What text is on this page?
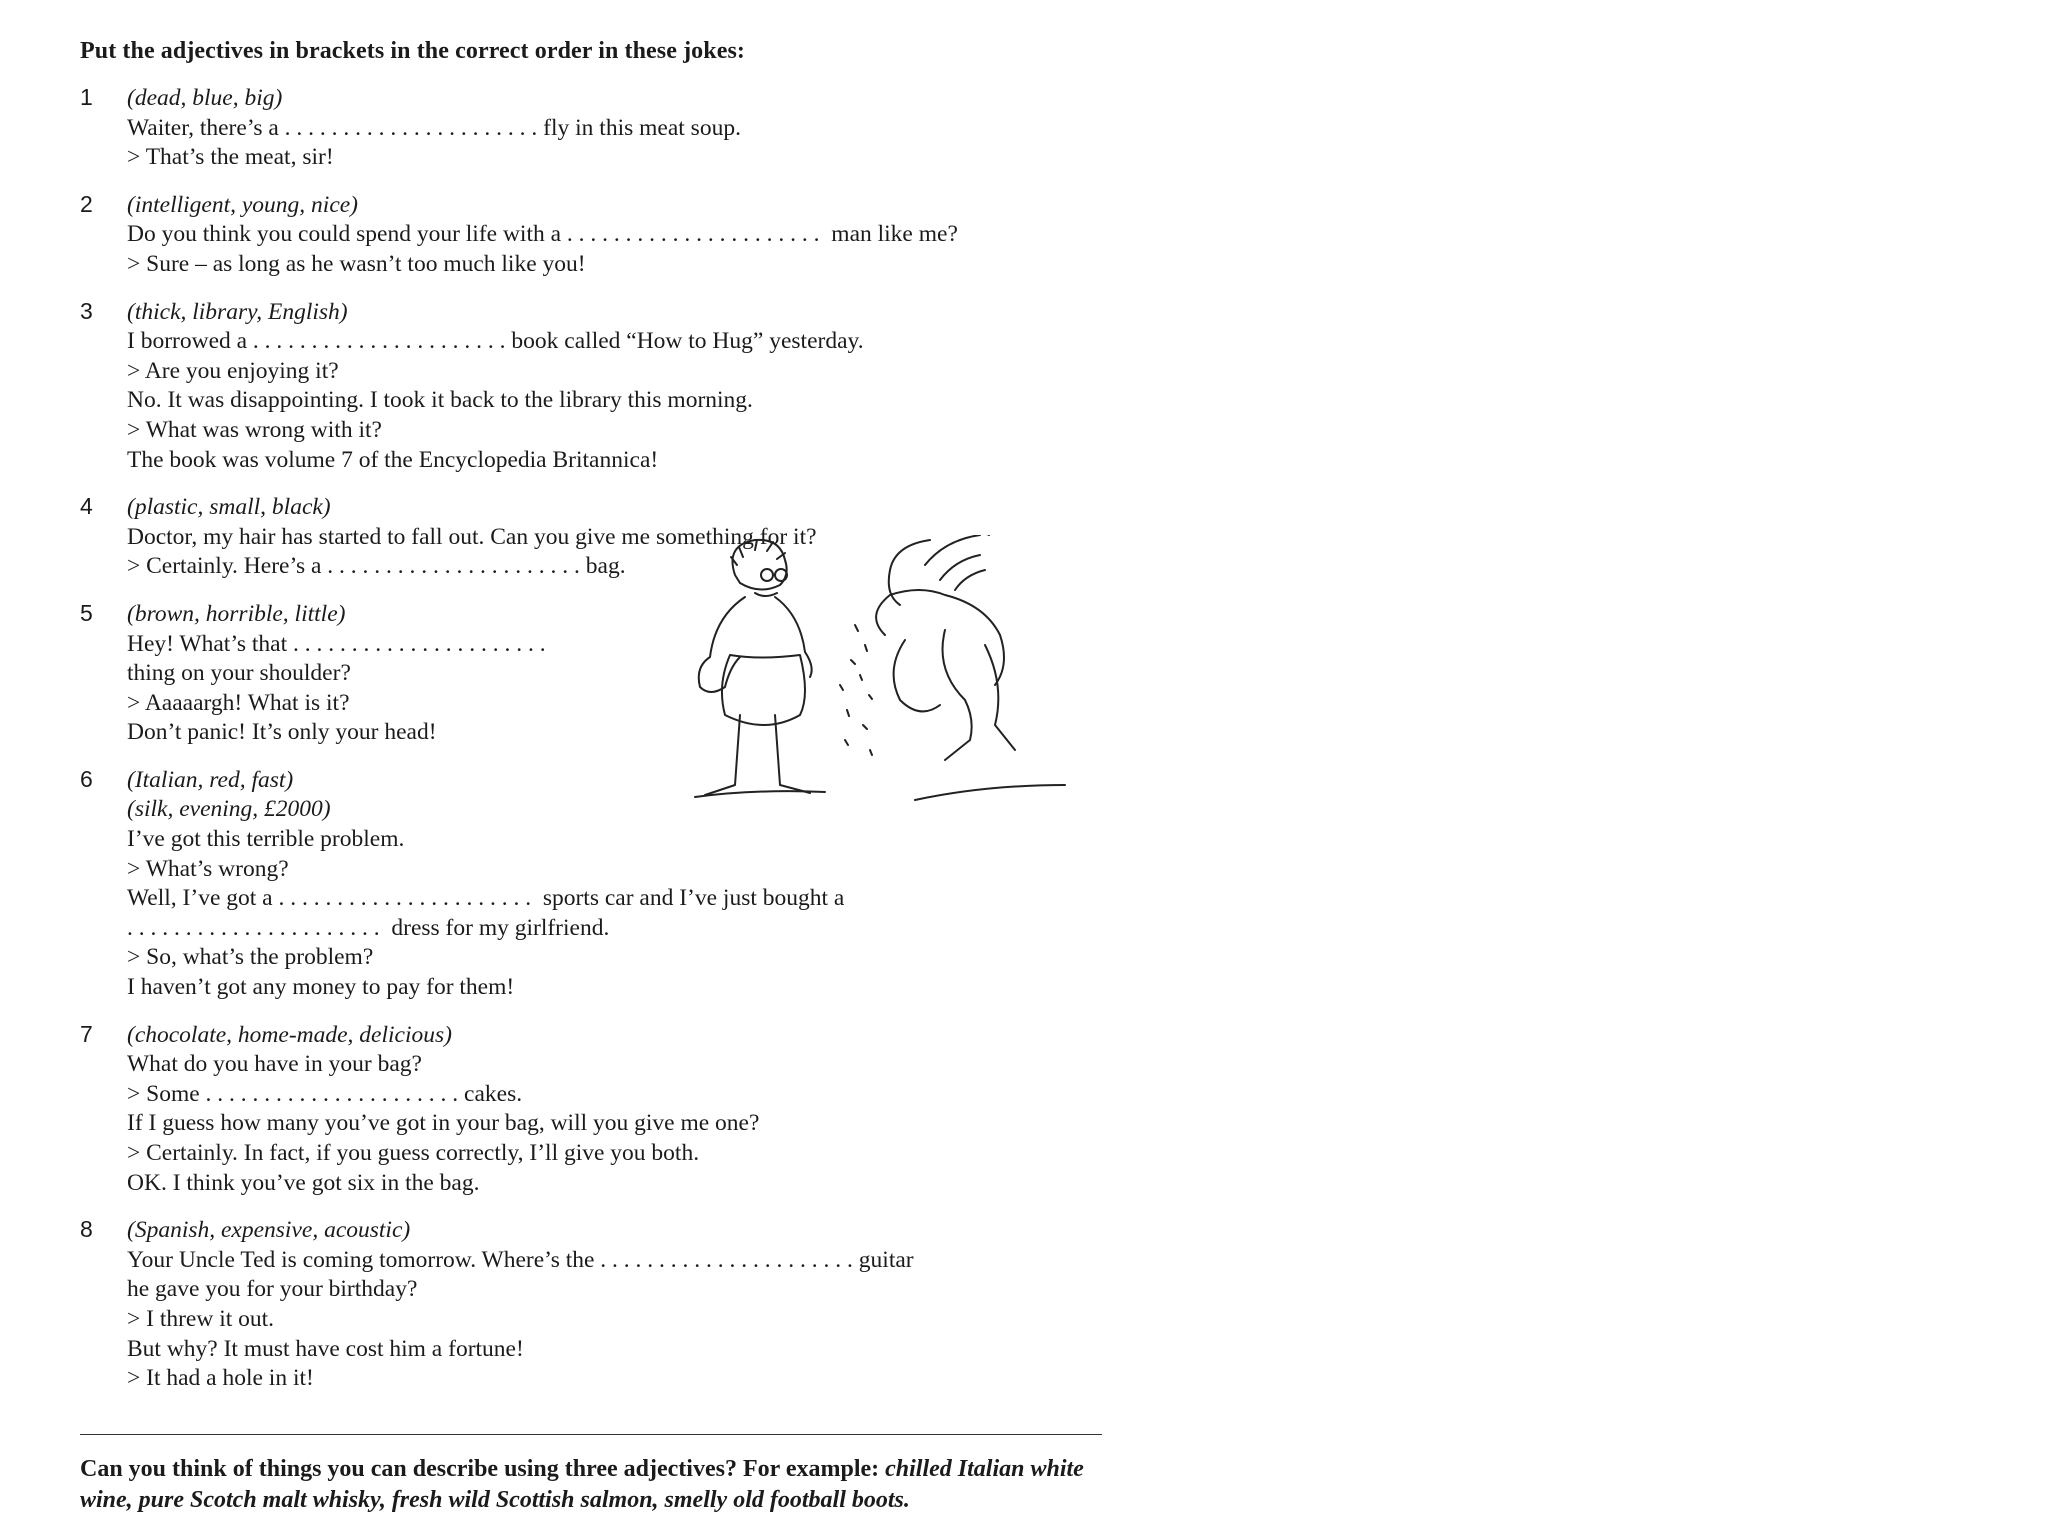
Put the adjectives in brackets in the correct order in these jokes:
1	(dead, blue, big)
Waiter, there’s a . . . . . . . . . . . . . . . . . . . . . . fly in this meat soup.
> That’s the meat, sir!
2	(intelligent, young, nice)
Do you think you could spend your life with a . . . . . . . . . . . . . . . . . . . . . .  man like me?
> Sure – as long as he wasn’t too much like you!
3	(thick, library, English)
I borrowed a . . . . . . . . . . . . . . . . . . . . . . book called “How to Hug” yesterday.
> Are you enjoying it?
No. It was disappointing. I took it back to the library this morning.
> What was wrong with it?
The book was volume 7 of the Encyclopedia Britannica!
4	(plastic, small, black)
Doctor, my hair has started to fall out. Can you give me something for it?
> Certainly. Here’s a . . . . . . . . . . . . . . . . . . . . . . bag.
5	(brown, horrible, little)
Hey! What’s that . . . . . . . . . . . . . . . . . . . . . .
thing on your shoulder?
> Aaaaargh! What is it?
Don’t panic! It’s only your head!
6	(Italian, red, fast)
(silk, evening, £2000)
I’ve got this terrible problem.
> What’s wrong?
Well, I’ve got a . . . . . . . . . . . . . . . . . . . . . .  sports car and I’ve just bought a
. . . . . . . . . . . . . . . . . . . . . .  dress for my girlfriend.
> So, what’s the problem?
I haven’t got any money to pay for them!
7	(chocolate, home-made, delicious)
What do you have in your bag?
> Some . . . . . . . . . . . . . . . . . . . . . . cakes.
If I guess how many you’ve got in your bag, will you give me one?
> Certainly. In fact, if you guess correctly, I’ll give you both.
OK. I think you’ve got six in the bag.
8	(Spanish, expensive, acoustic)
Your Uncle Ted is coming tomorrow. Where’s the . . . . . . . . . . . . . . . . . . . . . . guitar
he gave you for your birthday?
> I threw it out.
But why? It must have cost him a fortune!
> It had a hole in it!
Can you think of things you can describe using three adjectives? For example: chilled Italian white wine, pure Scotch malt whisky, fresh wild Scottish salmon, smelly old football boots.
